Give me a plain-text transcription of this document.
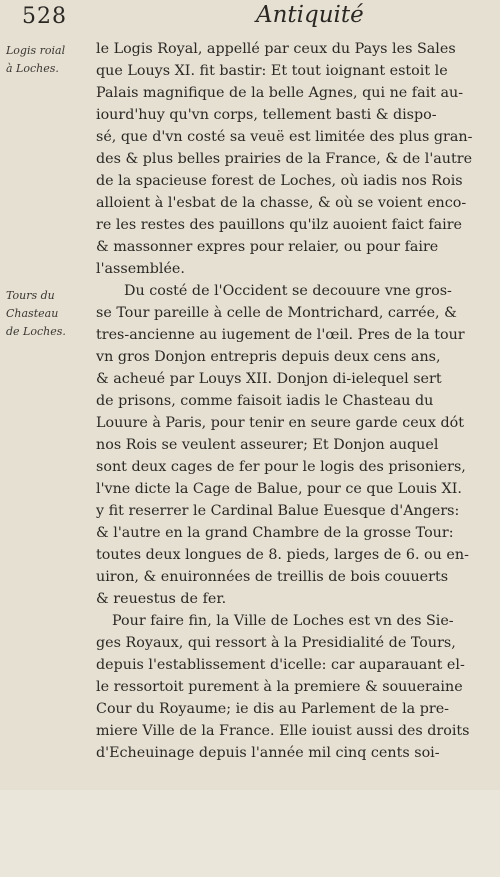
528	Antiquité
Logis roial
à Loches.
Tours du
Chasteau
de Loches.
le Logis Royal, appellé par ceux du Pays les Sales
que Louys XI. fit bastir: Et tout ioignant estoit le
Palais magnifique de la belle Agnes, qui ne fait au-
iourd'huy qu'vn corps, tellement basti & dispo-
sé, que d'vn costé sa veuë est limitée des plus gran-
des & plus belles prairies de la France, & de l'autre
de la spacieuse forest de Loches, où iadis nos Rois
alloient à l'esbat de la chasse, & où se voient enco-
re les restes des pauillons qu'ilz auoient faict faire
& massonner expres pour relaier, ou pour faire
l'assemblée.
Du costé de l'Occident se decouure vne gros-
se Tour pareille à celle de Montrichard, carrée, &
tres-ancienne au iugement de l'œil. Pres de la tour
vn gros Donjon entrepris depuis deux cens ans,
& acheué par Louys XII. Donjon di-ielequel sert
de prisons, comme faisoit iadis le Chasteau du
Louure à Paris, pour tenir en seure garde ceux dót
nos Rois se veulent asseurer; Et Donjon auquel
sont deux cages de fer pour le logis des prisoniers,
l'vne dicte la Cage de Balue, pour ce que Louis XI.
y fit reserrer le Cardinal Balue Euesque d'Angers:
& l'autre en la grand Chambre de la grosse Tour:
toutes deux longues de 8. pieds, larges de 6. ou en-
uiron, & enuironnées de treillis de bois couuerts
& reuestus de fer.
Pour faire fin, la Ville de Loches est vn des Sie-
ges Royaux, qui ressort à la Presidialité de Tours,
depuis l'establissement d'icelle: car auparauant el-
le ressortoit purement à la premiere & souueraine
Cour du Royaume; ie dis au Parlement de la pre-
miere Ville de la France. Elle iouist aussi des droits
d'Echeuinage depuis l'année mil cinq cents soi-
